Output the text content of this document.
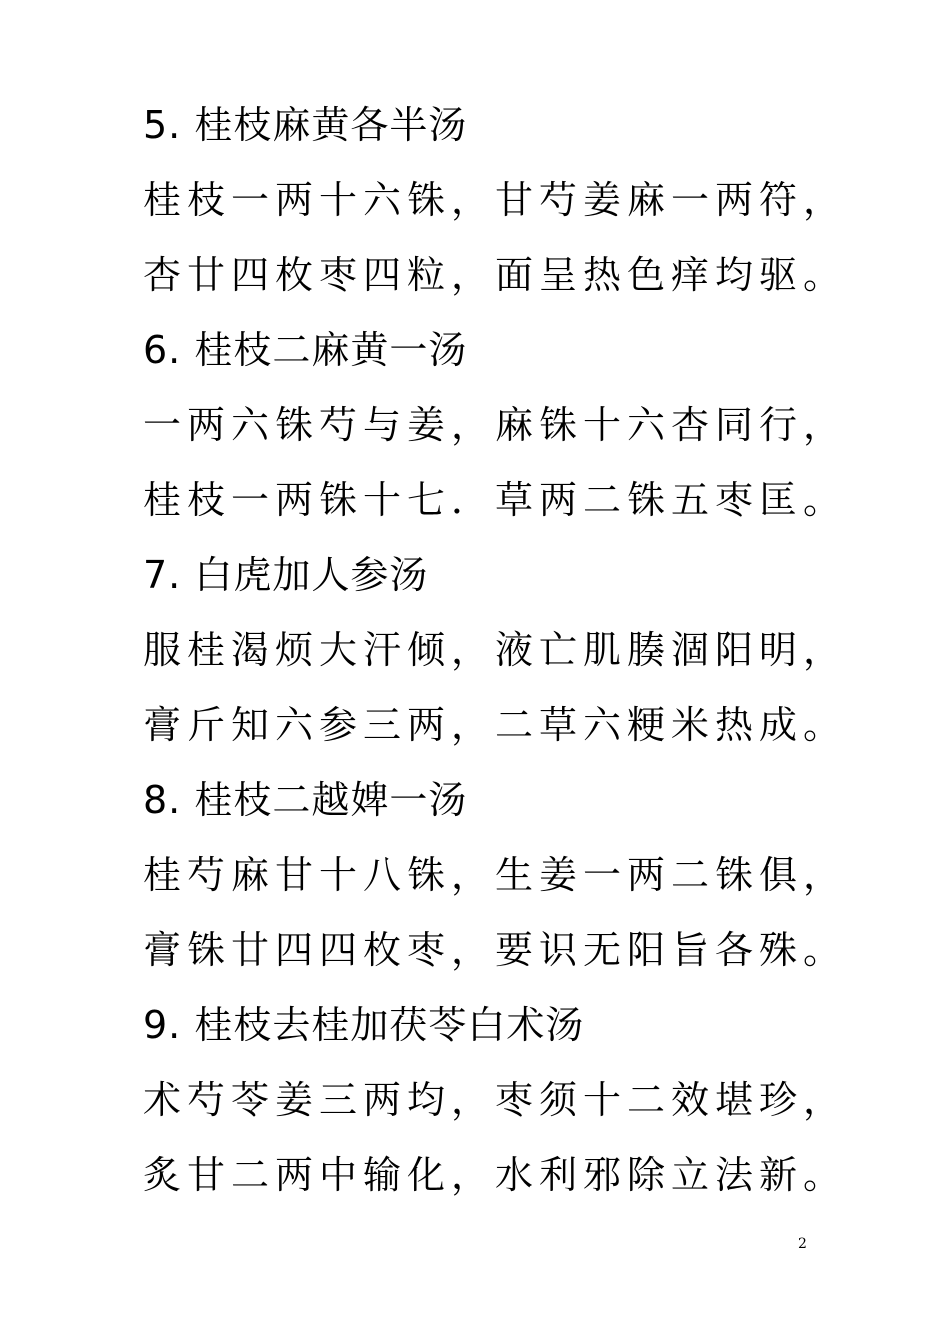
5. 桂枝麻黄各半汤
桂枝一两十六铢，甘芍姜麻一两符，
杏廿四枚枣四粒，面呈热色痒均驱。
6. 桂枝二麻黄一汤
一两六铢芍与姜，麻铢十六杏同行，
桂枝一两铢十七．草两二铢五枣匡。
7. 白虎加人参汤
服桂渴烦大汗倾，液亡肌腠涸阳明，
膏斤知六参三两，二草六粳米热成。
8. 桂枝二越婢一汤
桂芍麻甘十八铢，生姜一两二铢俱，
膏铢廿四四枚枣，要识无阳旨各殊。
9. 桂枝去桂加茯苓白术汤
术芍苓姜三两均，枣须十二效堪珍，
炙甘二两中输化，水利邪除立法新。
2
